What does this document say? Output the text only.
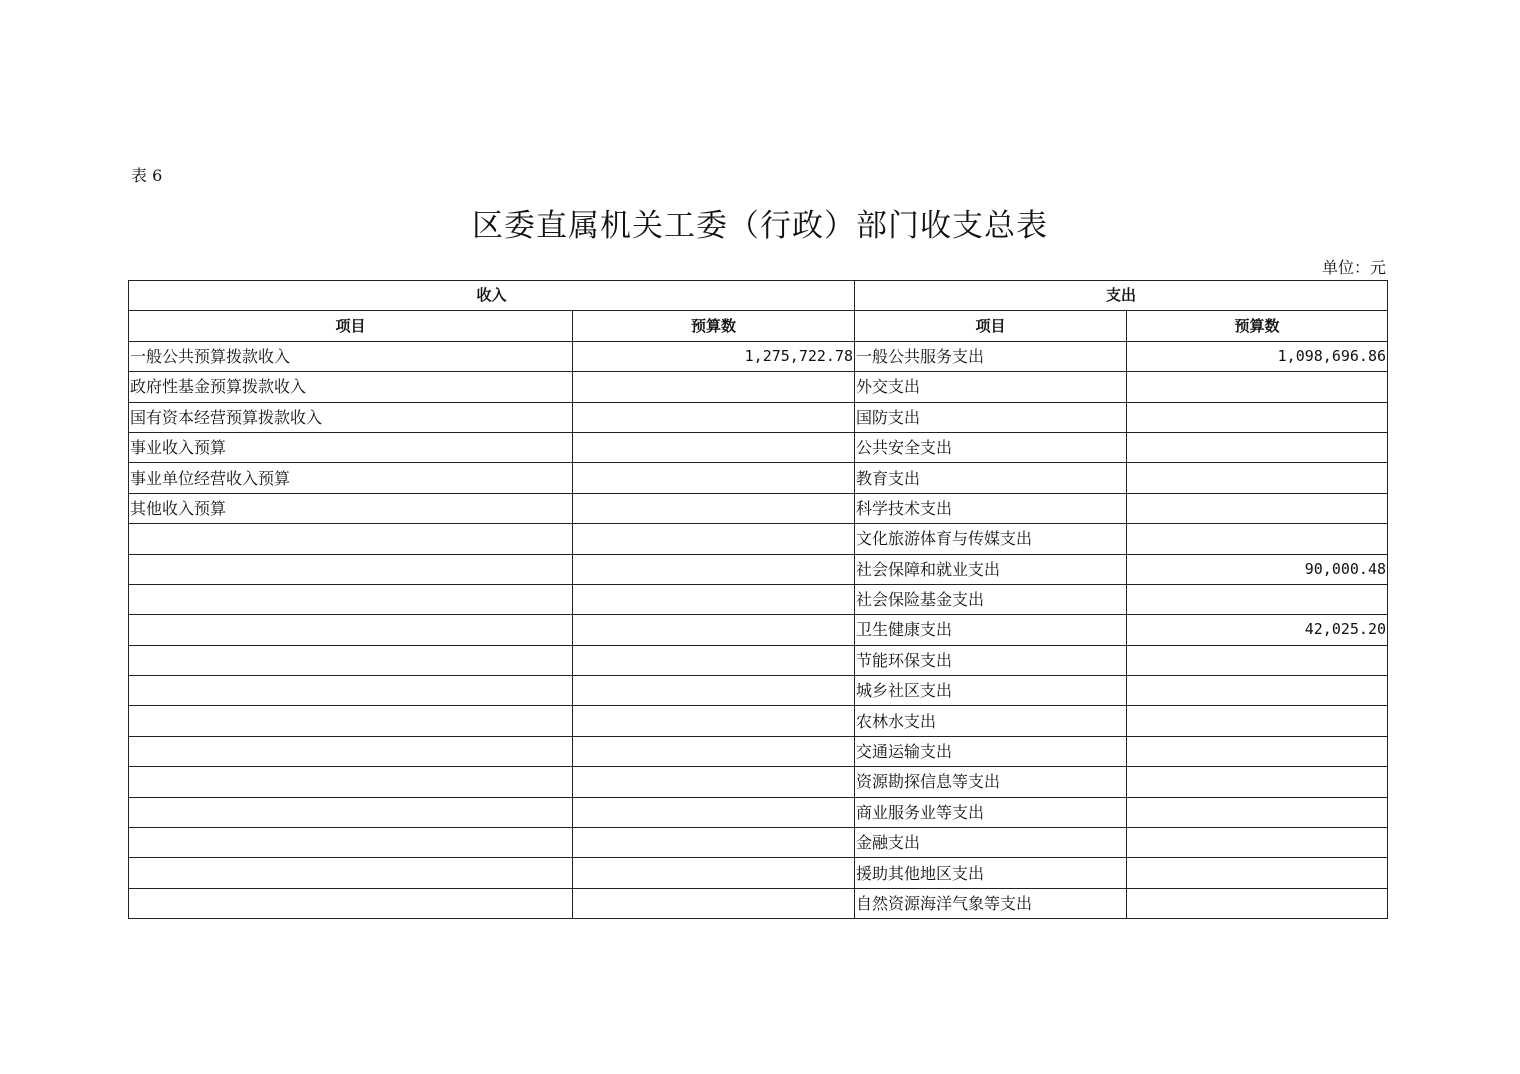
表 6
区委直属机关工委（行政）部门收支总表
单位：元
收入		支出	
项目	预算数	项目	预算数
一般公共预算拨款收入	1,275,722.78	一般公共服务支出	1,098,696.86
政府性基金预算拨款收入		外交支出	
国有资本经营预算拨款收入		国防支出	
事业收入预算		公共安全支出	
事业单位经营收入预算		教育支出	
其他收入预算		科学技术支出	
		文化旅游体育与传媒支出	
		社会保障和就业支出	90,000.48
		社会保险基金支出	
		卫生健康支出	42,025.20
		节能环保支出	
		城乡社区支出	
		农林水支出	
		交通运输支出	
		资源勘探信息等支出	
		商业服务业等支出	
		金融支出	
		援助其他地区支出	
		自然资源海洋气象等支出	
